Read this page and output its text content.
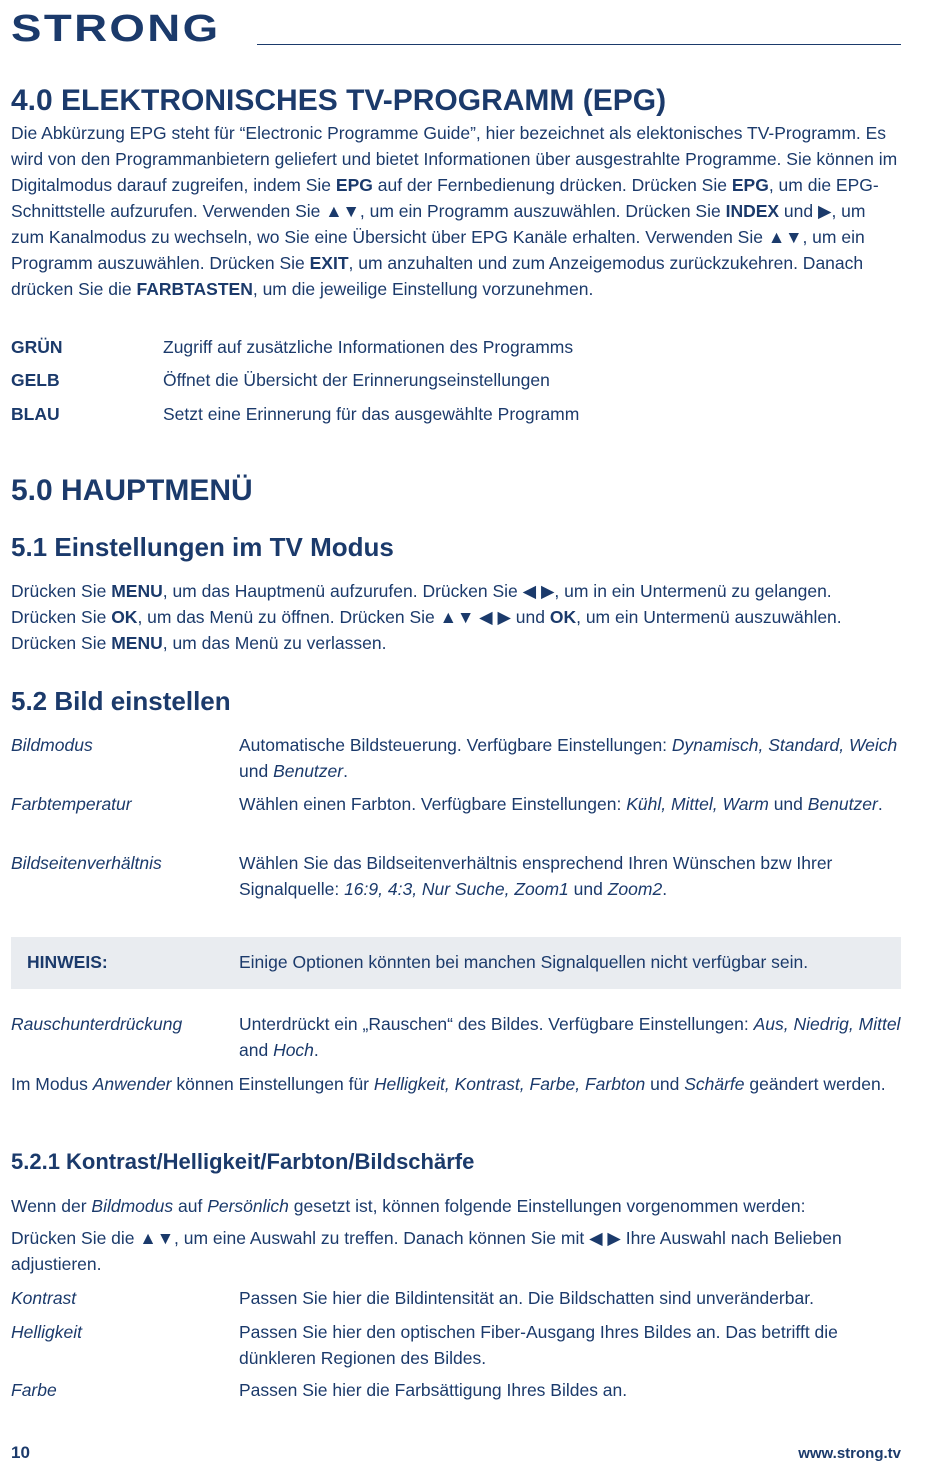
STRONG
4.0 ELEKTRONISCHES TV-PROGRAMM (EPG)

Die Abkürzung EPG steht für “Electronic Programme Guide”, hier bezeichnet als elektonisches TV-Programm. Es wird von den Programmanbietern geliefert und bietet Informationen über ausgestrahlte Programme. Sie können im Digitalmodus darauf zugreifen, indem Sie EPG auf der Fernbedienung drücken. Drücken Sie EPG, um die EPG-Schnittstelle aufzurufen. Verwenden Sie ▲▼, um ein Programm auszuwählen. Drücken Sie INDEX und ▶, um zum Kanalmodus zu wechseln, wo Sie eine Übersicht über EPG Kanäle erhalten. Verwenden Sie ▲▼, um ein Programm auszuwählen. Drücken Sie EXIT, um anzuhalten und zum Anzeigemodus zurückzukehren. Danach drücken Sie die FARBTASTEN, um die jeweilige Einstellung vorzunehmen.

GRÜN	Zugriff auf zusätzliche Informationen des Programms
GELB	Öffnet die Übersicht der Erinnerungseinstellungen
BLAU	Setzt eine Erinnerung für das ausgewählte Programm
5.0 HAUPTMENÜ
5.1 Einstellungen im TV Modus

Drücken Sie MENU, um das Hauptmenü aufzurufen. Drücken Sie ◀ ▶, um in ein Untermenü zu gelangen. Drücken Sie OK, um das Menü zu öffnen. Drücken Sie ▲▼ ◀ ▶ und OK, um ein Untermenü auszuwählen. Drücken Sie MENU, um das Menü zu verlassen.

5.2 Bild einstellen
Bildmodus	Automatische Bildsteuerung. Verfügbare Einstellungen: Dynamisch, Standard, Weich und Benutzer.
Farbtemperatur	Wählen einen Farbton. Verfügbare Einstellungen: Kühl, Mittel, Warm und Benutzer.
Bildseitenverhältnis	Wählen Sie das Bildseitenverhältnis ensprechend Ihren Wünschen bzw Ihrer Signalquelle: 16:9, 4:3, Nur Suche, Zoom1 und Zoom2.
HINWEIS:	Einige Optionen könnten bei manchen Signalquellen nicht verfügbar sein.
Rauschunterdrückung	Unterdrückt ein „Rauschen“ des Bildes. Verfügbare Einstellungen: Aus, Niedrig, Mittel and Hoch.

Im Modus Anwender können Einstellungen für Helligkeit, Kontrast, Farbe, Farbton und Schärfe geändert werden.

5.2.1 Kontrast/Helligkeit/Farbton/Bildschärfe

Wenn der Bildmodus auf Persönlich gesetzt ist, können folgende Einstellungen vorgenommen werden:

Drücken Sie die ▲▼, um eine Auswahl zu treffen. Danach können Sie mit ◀ ▶ Ihre Auswahl nach Belieben adjustieren.

Kontrast	Passen Sie hier die Bildintensität an. Die Bildschatten sind unveränderbar.
Helligkeit	Passen Sie hier den optischen Fiber-Ausgang Ihres Bildes an. Das betrifft die dünkleren Regionen des Bildes.
Farbe	Passen Sie hier die Farbsättigung Ihres Bildes an.
10	www.strong.tv
